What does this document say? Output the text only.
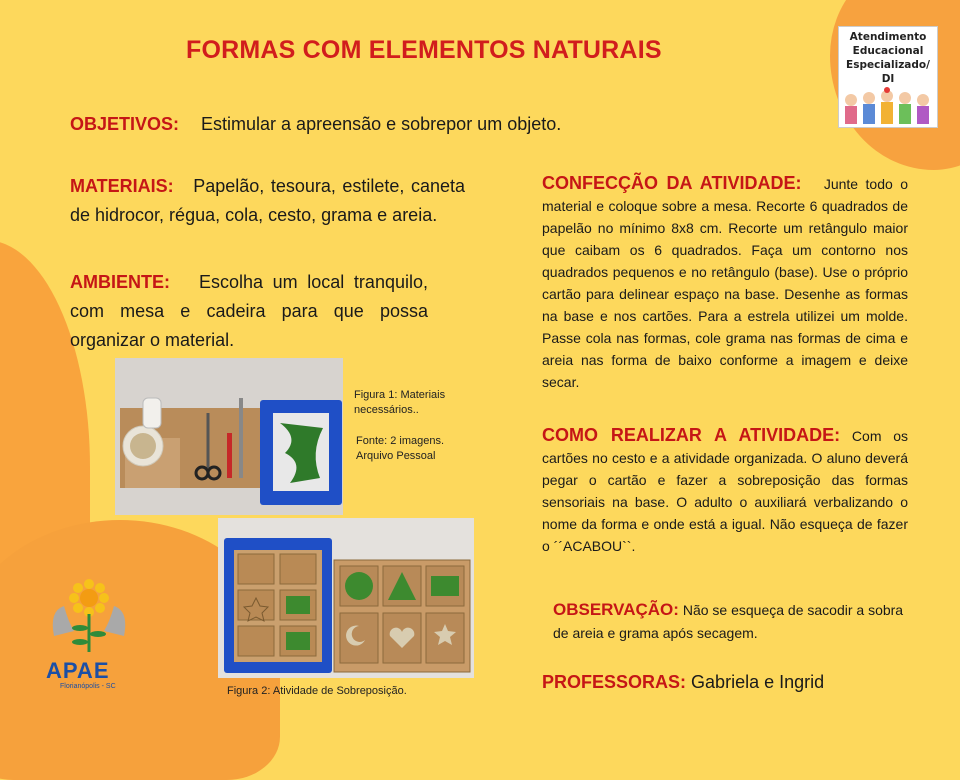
FORMAS COM ELEMENTOS NATURAIS
OBJETIVOS: Estimular a apreensão e sobrepor um objeto.
MATERIAIS: Papelão, tesoura, estilete, caneta de hidrocor, régua, cola, cesto, grama e areia.
AMBIENTE: Escolha um local tranquilo, com mesa e cadeira para que possa organizar o material.
CONFECÇÃO DA ATIVIDADE: Junte todo o material e coloque sobre a mesa. Recorte 6 quadrados de papelão no mínimo 8x8 cm. Recorte um retângulo maior que caibam os 6 quadrados. Faça um contorno nos quadrados pequenos e no retângulo (base). Use o próprio cartão para delinear espaço na base. Desenhe as formas na base e nos cartões. Para a estrela utilizei um molde. Passe cola nas formas, cole grama nas formas de cima e areia nas forma de baixo conforme a imagem e deixe secar.
COMO REALIZAR A ATIVIDADE: Com os cartões no cesto e a atividade organizada. O aluno deverá pegar o cartão e fazer a sobreposição das formas sensoriais na base. O adulto o auxiliará verbalizando o nome da forma e onde está a igual. Não esqueça de fazer o ´´ACABOU``.
OBSERVAÇÃO: Não se esqueça de sacodir a sobra de areia e grama após secagem.
PROFESSORAS: Gabriela e Ingrid
Figura 1: Materiais necessários..
Fonte: 2 imagens. Arquivo Pessoal
Figura 2: Atividade de Sobreposição.
Atendimento
Educacional
Especializado/ DI
APAE
Florianópolis - SC
